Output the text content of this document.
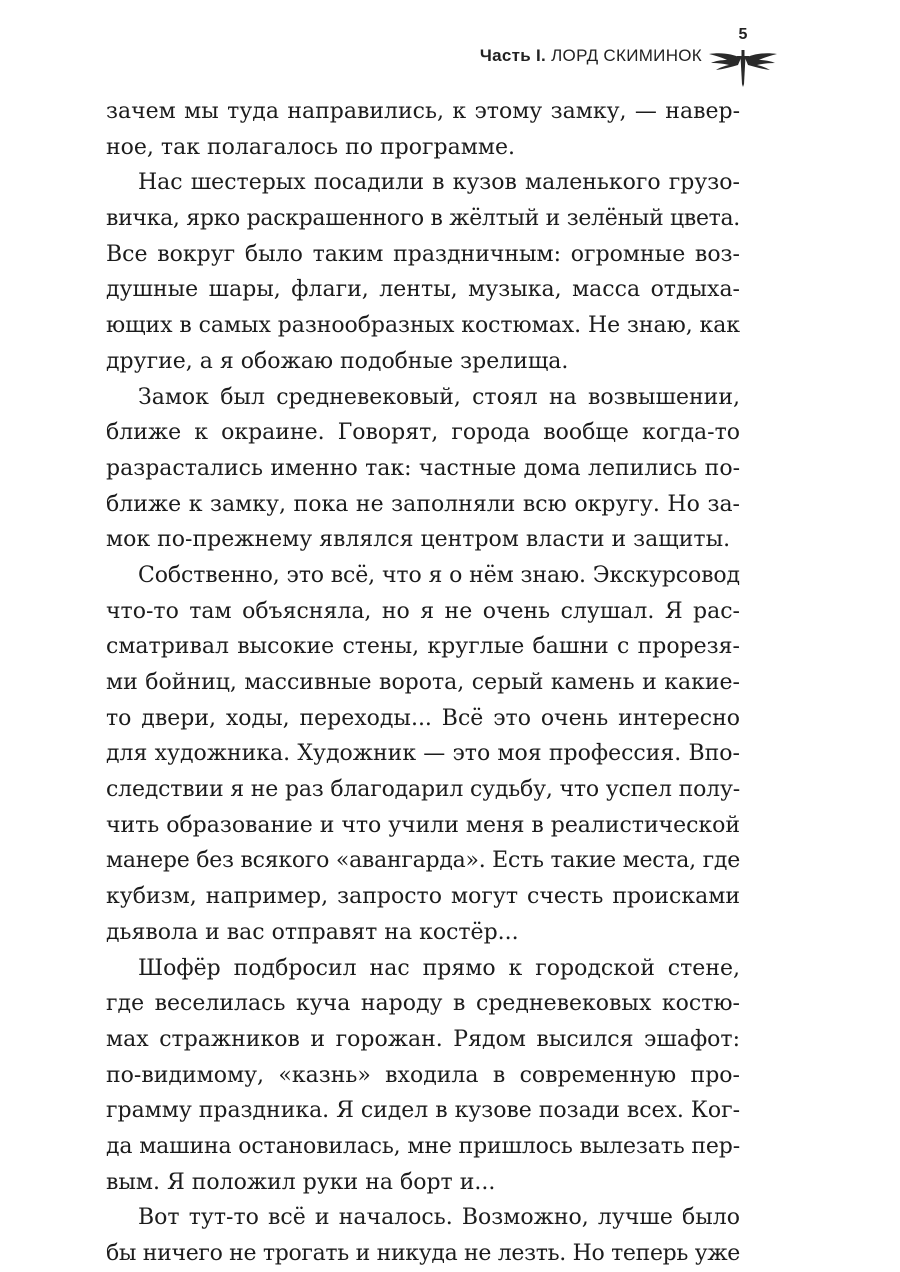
Часть I. ЛОРД СКИМИНОК
5
зачем мы туда направились, к этому замку, — навер-
ное, так полагалось по программе.
Нас шестерых посадили в кузов маленького грузо-
вичка, ярко раскрашенного в жёлтый и зелёный цвета.
Все вокруг было таким праздничным: огромные воз-
душные шары, флаги, ленты, музыка, масса отдыха-
ющих в самых разнообразных костюмах. Не знаю, как
другие, а я обожаю подобные зрелища.
Замок был средневековый, стоял на возвышении,
ближе к окраине. Говорят, города вообще когда-то
разрастались именно так: частные дома лепились по-
ближе к замку, пока не заполняли всю округу. Но за-
мок по-прежнему являлся центром власти и защиты.
Собственно, это всё, что я о нём знаю. Экскурсовод
что-то там объясняла, но я не очень слушал. Я рас-
сматривал высокие стены, круглые башни с прорезя-
ми бойниц, массивные ворота, серый камень и какие-
то двери, ходы, переходы... Всё это очень интересно
для художника. Художник — это моя профессия. Впо-
следствии я не раз благодарил судьбу, что успел полу-
чить образование и что учили меня в реалистической
манере без всякого «авангарда». Есть такие места, где
кубизм, например, запросто могут счесть происками
дьявола и вас отправят на костёр...
Шофёр подбросил нас прямо к городской стене,
где веселилась куча народу в средневековых костю-
мах стражников и горожан. Рядом высился эшафот:
по-видимому, «казнь» входила в современную про-
грамму праздника. Я сидел в кузове позади всех. Ког-
да машина остановилась, мне пришлось вылезать пер-
вым. Я положил руки на борт и...
Вот тут-то всё и началось. Возможно, лучше было
бы ничего не трогать и никуда не лезть. Но теперь уже
